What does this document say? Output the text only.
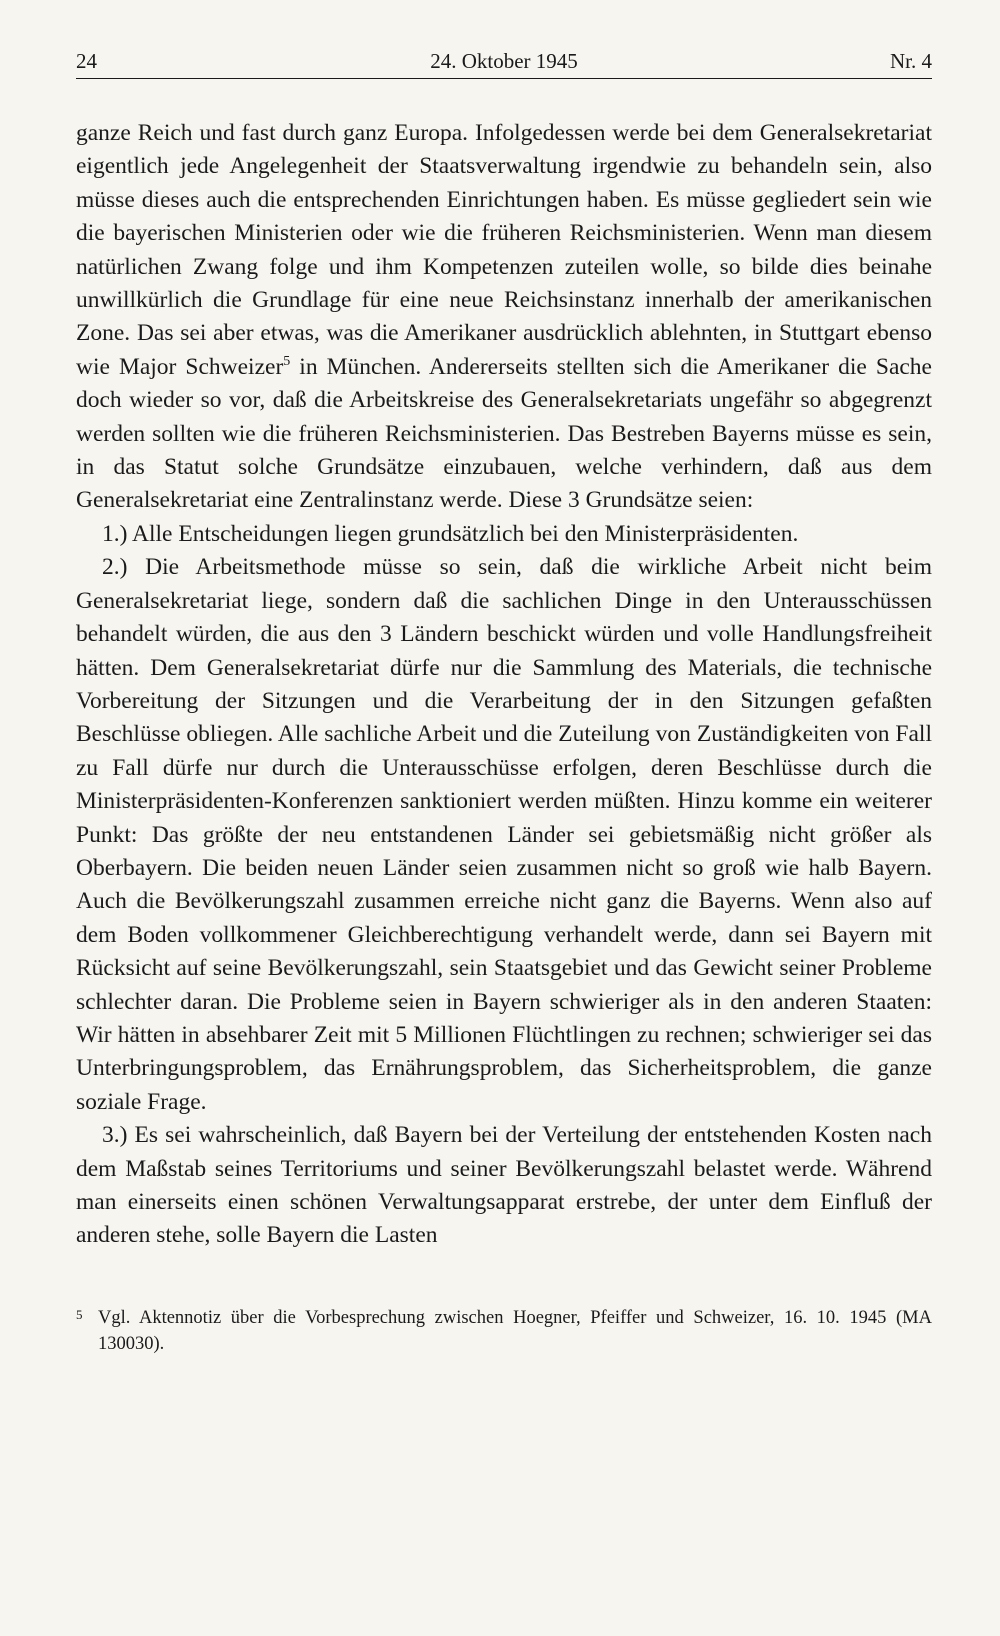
24	24. Oktober 1945	Nr. 4

ganze Reich und fast durch ganz Europa. Infolgedessen werde bei dem Generalsekretariat eigentlich jede Angelegenheit der Staatsverwaltung irgendwie zu behandeln sein, also müsse dieses auch die entsprechenden Einrichtungen haben. Es müsse gegliedert sein wie die bayerischen Ministerien oder wie die früheren Reichsministerien. Wenn man diesem natürlichen Zwang folge und ihm Kompetenzen zuteilen wolle, so bilde dies beinahe unwillkürlich die Grundlage für eine neue Reichsinstanz innerhalb der amerikanischen Zone. Das sei aber etwas, was die Amerikaner ausdrücklich ablehnten, in Stuttgart ebenso wie Major Schweizer$^5$ in München. Andererseits stellten sich die Amerikaner die Sache doch wieder so vor, daß die Arbeitskreise des Generalsekretariats ungefähr so abgegrenzt werden sollten wie die früheren Reichsministerien. Das Bestreben Bayerns müsse es sein, in das Statut solche Grundsätze einzubauen, welche verhindern, daß aus dem Generalsekretariat eine Zentralinstanz werde. Diese 3 Grundsätze seien:

1.) Alle Entscheidungen liegen grundsätzlich bei den Ministerpräsidenten.

2.) Die Arbeitsmethode müsse so sein, daß die wirkliche Arbeit nicht beim Generalsekretariat liege, sondern daß die sachlichen Dinge in den Unterausschüssen behandelt würden, die aus den 3 Ländern beschickt würden und volle Handlungsfreiheit hätten. Dem Generalsekretariat dürfe nur die Sammlung des Materials, die technische Vorbereitung der Sitzungen und die Verarbeitung der in den Sitzungen gefaßten Beschlüsse obliegen. Alle sachliche Arbeit und die Zuteilung von Zuständigkeiten von Fall zu Fall dürfe nur durch die Unterausschüsse erfolgen, deren Beschlüsse durch die Ministerpräsidenten-Konferenzen sanktioniert werden müßten. Hinzu komme ein weiterer Punkt: Das größte der neu entstandenen Länder sei gebietsmäßig nicht größer als Oberbayern. Die beiden neuen Länder seien zusammen nicht so groß wie halb Bayern. Auch die Bevölkerungszahl zusammen erreiche nicht ganz die Bayerns. Wenn also auf dem Boden vollkommener Gleichberechtigung verhandelt werde, dann sei Bayern mit Rücksicht auf seine Bevölkerungszahl, sein Staatsgebiet und das Gewicht seiner Probleme schlechter daran. Die Probleme seien in Bayern schwieriger als in den anderen Staaten: Wir hätten in absehbarer Zeit mit 5 Millionen Flüchtlingen zu rechnen; schwieriger sei das Unterbringungsproblem, das Ernährungsproblem, das Sicherheitsproblem, die ganze soziale Frage.

3.) Es sei wahrscheinlich, daß Bayern bei der Verteilung der entstehenden Kosten nach dem Maßstab seines Territoriums und seiner Bevölkerungszahl belastet werde. Während man einerseits einen schönen Verwaltungsapparat erstrebe, der unter dem Einfluß der anderen stehe, solle Bayern die Lasten

5 Vgl. Aktennotiz über die Vorbesprechung zwischen Hoegner, Pfeiffer und Schweizer, 16. 10. 1945 (MA 130030).
